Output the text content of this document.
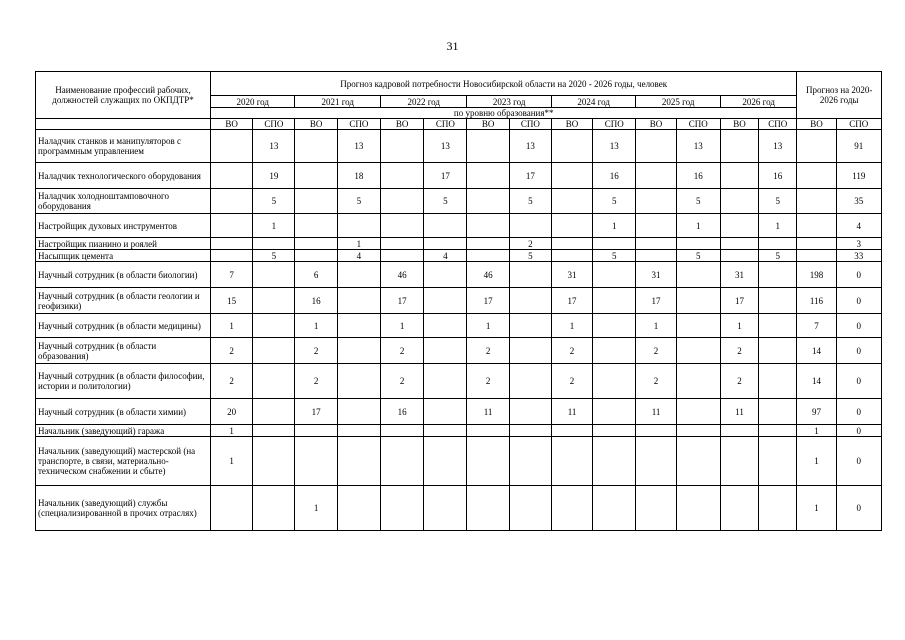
31
Наименование профессий рабочих, должностей служащих по ОКПДТР*	Прогноз кадровой потребности Новосибирской области на 2020 - 2026 годы, человек														Прогноз на 2020-2026 годы	
	2020 год		2021 год		2022 год		2023 год		2024 год		2025 год		2026 год			
	по уровню образования**															
	ВО	СПО	ВО	СПО	ВО	СПО	ВО	СПО	ВО	СПО	ВО	СПО	ВО	СПО	ВО	СПО
Наладчик станков и манипуляторов с программным управлением		13		13		13		13		13		13		13		91
Наладчик технологического оборудования		19		18		17		17		16		16		16		119
Наладчик холодноштамповочного оборудования		5		5		5		5		5		5		5		35
Настройщик духовых инструментов		1								1		1		1		4
Настройщик пианино и роялей				1				2								3
Насыпщик цемента		5		4		4		5		5		5		5		33
Научный сотрудник (в области биологии)	7		6		46		46		31		31		31		198	0
Научный сотрудник (в области геологии и геофизики)	15		16		17		17		17		17		17		116	0
Научный сотрудник (в области медицины)	1		1		1		1		1		1		1		7	0
Научный сотрудник (в области образования)	2		2		2		2		2		2		2		14	0
Научный сотрудник (в области философии, истории и политологии)	2		2		2		2		2		2		2		14	0
Научный сотрудник (в области химии)	20		17		16		11		11		11		11		97	0
Начальник (заведующий) гаража	1														1	0
Начальник (заведующий) мастерской (на транспорте, в связи, материально-техническом снабжении и сбыте)	1														1	0
Начальник (заведующий) службы (специализированной в прочих отраслях)			1												1	0
